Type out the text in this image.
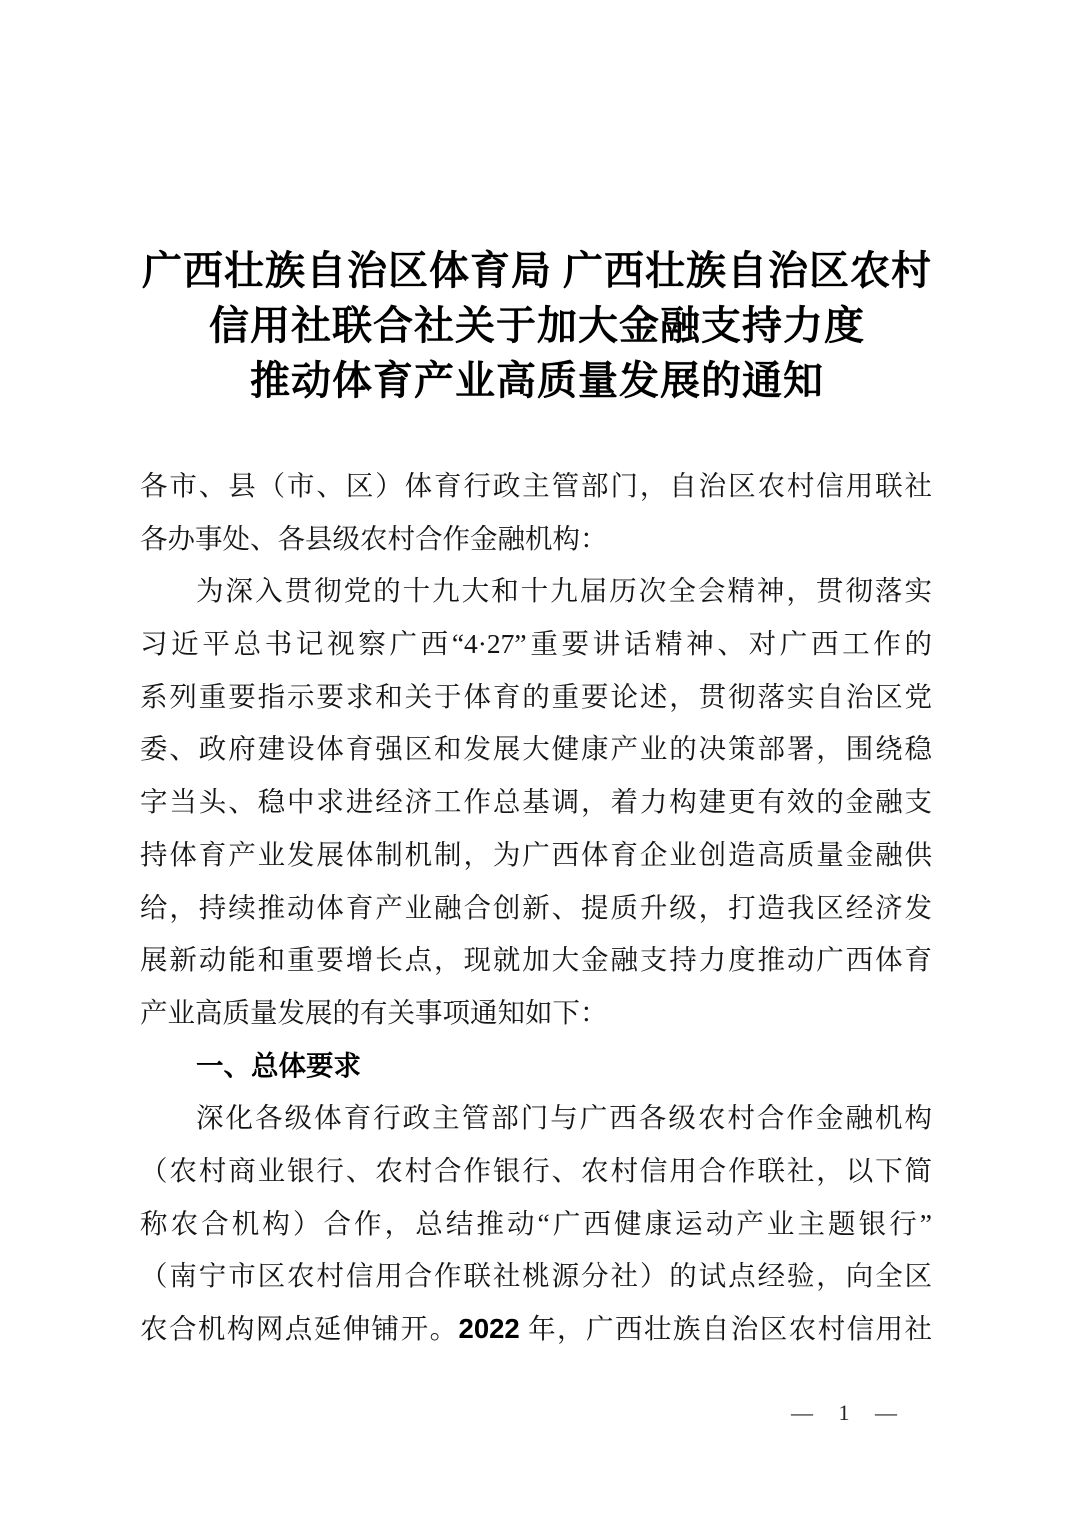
广西壮族自治区体育局 广西壮族自治区农村
信用社联合社关于加大金融支持力度
推动体育产业高质量发展的通知
各市、县（市、区）体育行政主管部门，自治区农村信用联社
各办事处、各县级农村合作金融机构：
为深入贯彻党的十九大和十九届历次全会精神，贯彻落实
习近平总书记视察广西“4·27”重要讲话精神、对广西工作的
系列重要指示要求和关于体育的重要论述，贯彻落实自治区党
委、政府建设体育强区和发展大健康产业的决策部署，围绕稳
字当头、稳中求进经济工作总基调，着力构建更有效的金融支
持体育产业发展体制机制，为广西体育企业创造高质量金融供
给，持续推动体育产业融合创新、提质升级，打造我区经济发
展新动能和重要增长点，现就加大金融支持力度推动广西体育
产业高质量发展的有关事项通知如下：
一、总体要求
深化各级体育行政主管部门与广西各级农村合作金融机构
（农村商业银行、农村合作银行、农村信用合作联社，以下简
称农合机构）合作，总结推动“广西健康运动产业主题银行”
（南宁市区农村信用合作联社桃源分社）的试点经验，向全区
农合机构网点延伸铺开。2022 年，广西壮族自治区农村信用社
— 1 —
